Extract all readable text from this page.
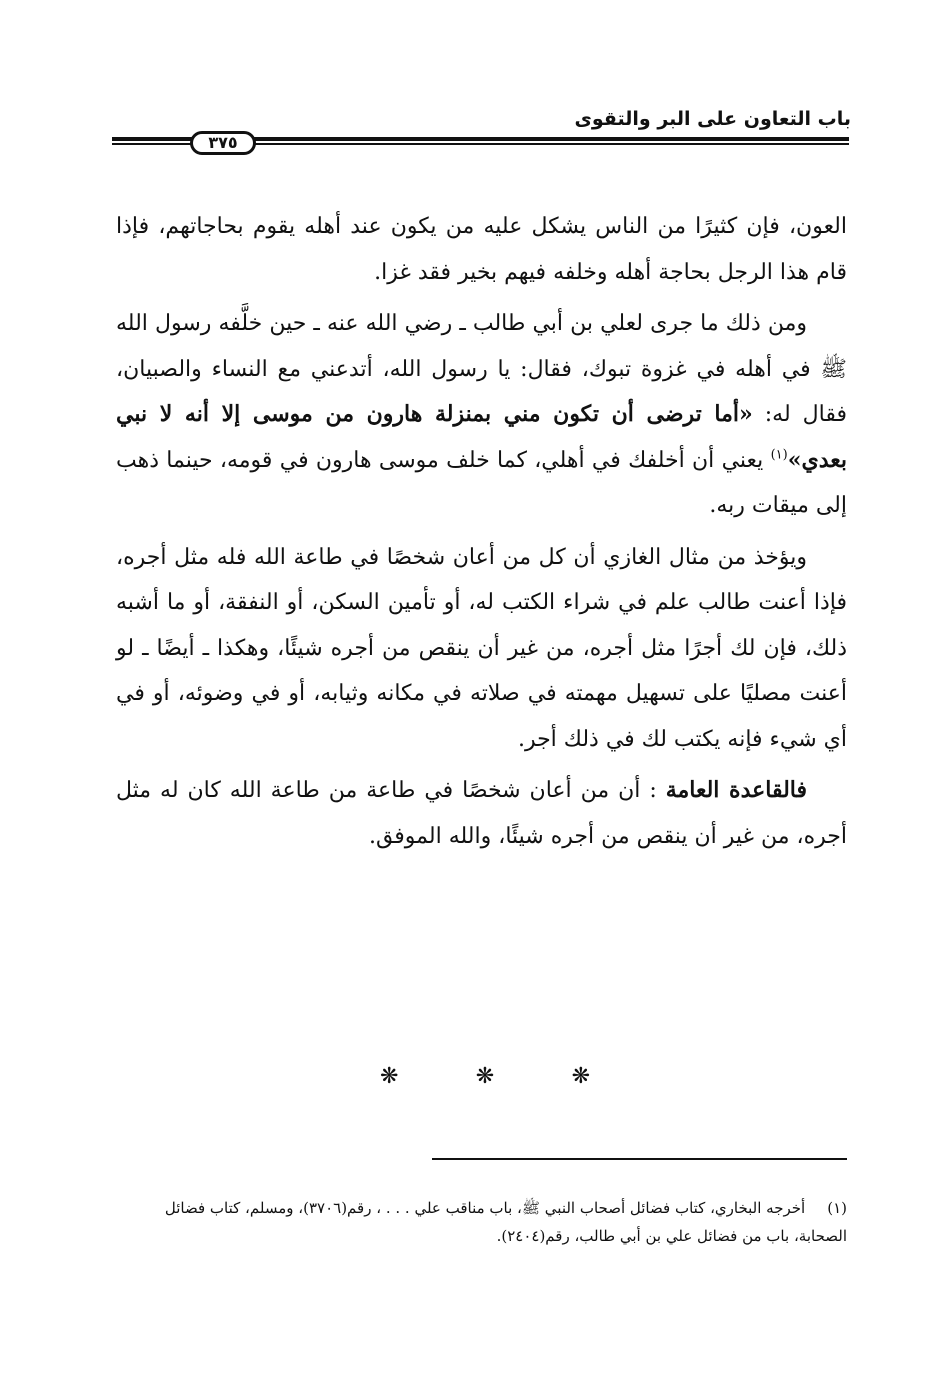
باب التعاون على البر والتقوى
٣٧٥

العون، فإن كثيرًا من الناس يشكل عليه من يكون عند أهله يقوم بحاجاتهم، فإذا قام هذا الرجل بحاجة أهله وخلفه فيهم بخير فقد غزا.

ومن ذلك ما جرى لعلي بن أبي طالب ـ رضي الله عنه ـ حين خلَّفه رسول الله ﷺ في أهله في غزوة تبوك، فقال: يا رسول الله، أتدعني مع النساء والصبيان، فقال له: «أما ترضى أن تكون مني بمنزلة هارون من موسى إلا أنه لا نبي بعدي»$^{(١)}$ يعني أن أخلفك في أهلي، كما خلف موسى هارون في قومه، حينما ذهب إلى ميقات ربه.

ويؤخذ من مثال الغازي أن كل من أعان شخصًا في طاعة الله فله مثل أجره، فإذا أعنت طالب علم في شراء الكتب له، أو تأمين السكن، أو النفقة، أو ما أشبه ذلك، فإن لك أجرًا مثل أجره، من غير أن ينقص من أجره شيئًا، وهكذا ـ أيضًا ـ لو أعنت مصليًا على تسهيل مهمته في صلاته في مكانه وثيابه، أو في وضوئه، أو في أي شيء فإنه يكتب لك في ذلك أجر.

فالقاعدة العامة : أن من أعان شخصًا في طاعة من طاعة الله كان له مثل أجره، من غير أن ينقص من أجره شيئًا، والله الموفق.

❋	❋	❋
(١)أخرجه البخاري، كتاب فضائل أصحاب النبي ﷺ، باب مناقب علي . . . ، رقم(٣٧٠٦)، ومسلم، كتاب فضائل الصحابة، باب من فضائل علي بن أبي طالب، رقم(٢٤٠٤).
